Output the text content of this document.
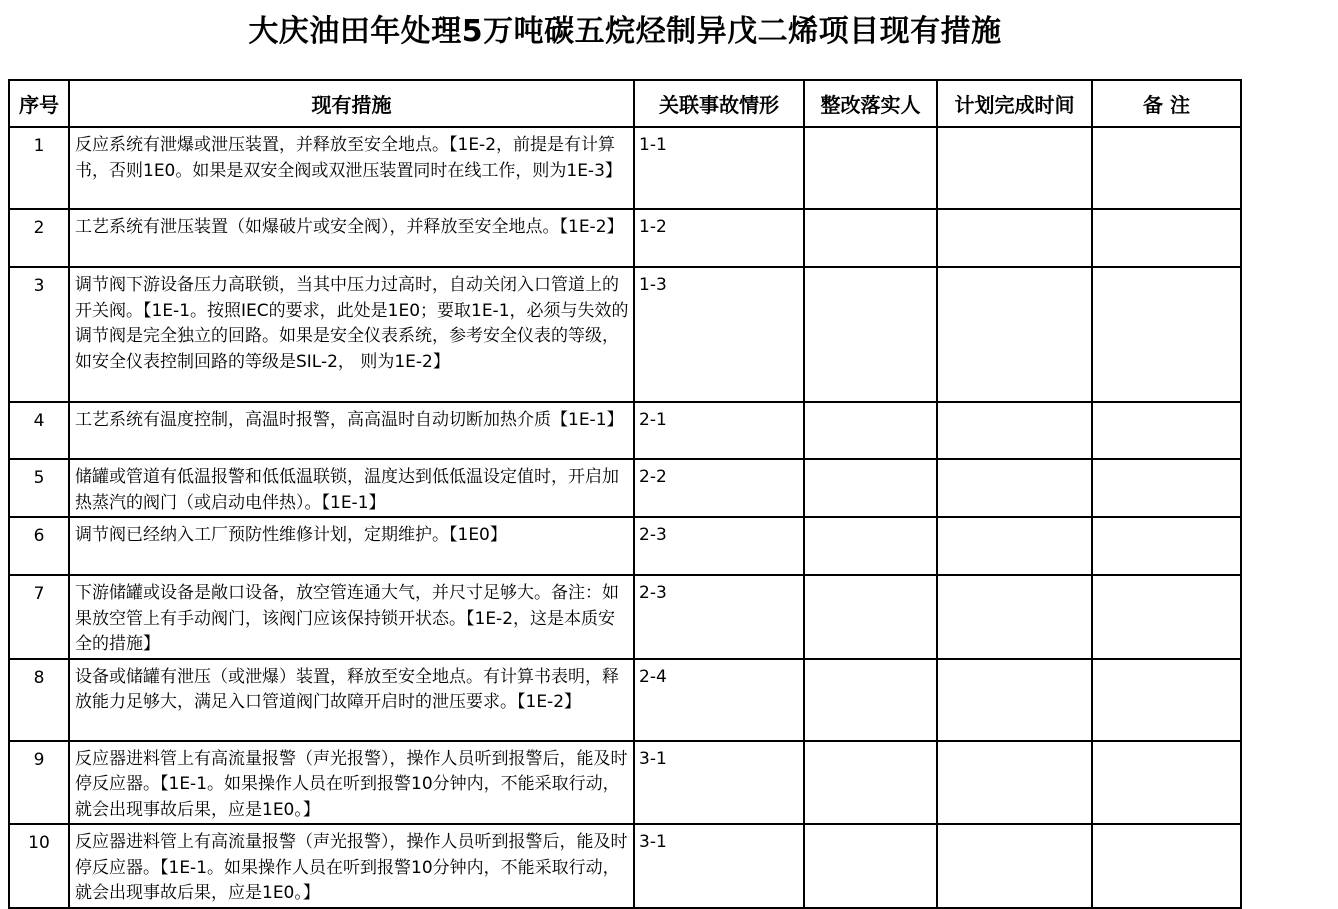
大庆油田年处理5万吨碳五烷烃制异戊二烯项目现有措施
序号	现有措施	关联事故情形	整改落实人	计划完成时间	备 注
1	反应系统有泄爆或泄压装置，并释放至安全地点。【1E-2，前提是有计算书，否则1E0。如果是双安全阀或双泄压装置同时在线工作，则为1E-3】	1-1			
2	工艺系统有泄压装置（如爆破片或安全阀），并释放至安全地点。【1E-2】	1-2			
3	调节阀下游设备压力高联锁，当其中压力过高时，自动关闭入口管道上的开关阀。【1E-1。按照IEC的要求，此处是1E0；要取1E-1，必须与失效的调节阀是完全独立的回路。如果是安全仪表系统，参考安全仪表的等级，如安全仪表控制回路的等级是SIL-2， 则为1E-2】	1-3			
4	工艺系统有温度控制，高温时报警，高高温时自动切断加热介质【1E-1】	2-1			
5	储罐或管道有低温报警和低低温联锁，温度达到低低温设定值时，开启加热蒸汽的阀门（或启动电伴热）。【1E-1】	2-2			
6	调节阀已经纳入工厂预防性维修计划，定期维护。【1E0】	2-3			
7	下游储罐或设备是敞口设备，放空管连通大气，并尺寸足够大。备注：如果放空管上有手动阀门，该阀门应该保持锁开状态。【1E-2，这是本质安全的措施】	2-3			
8	设备或储罐有泄压（或泄爆）装置，释放至安全地点。有计算书表明，释放能力足够大，满足入口管道阀门故障开启时的泄压要求。【1E-2】	2-4			
9	反应器进料管上有高流量报警（声光报警），操作人员听到报警后，能及时停反应器。【1E-1。如果操作人员在听到报警10分钟内，不能采取行动，就会出现事故后果，应是1E0。】	3-1			
10	反应器进料管上有高流量报警（声光报警），操作人员听到报警后，能及时停反应器。【1E-1。如果操作人员在听到报警10分钟内，不能采取行动，就会出现事故后果，应是1E0。】	3-1			
